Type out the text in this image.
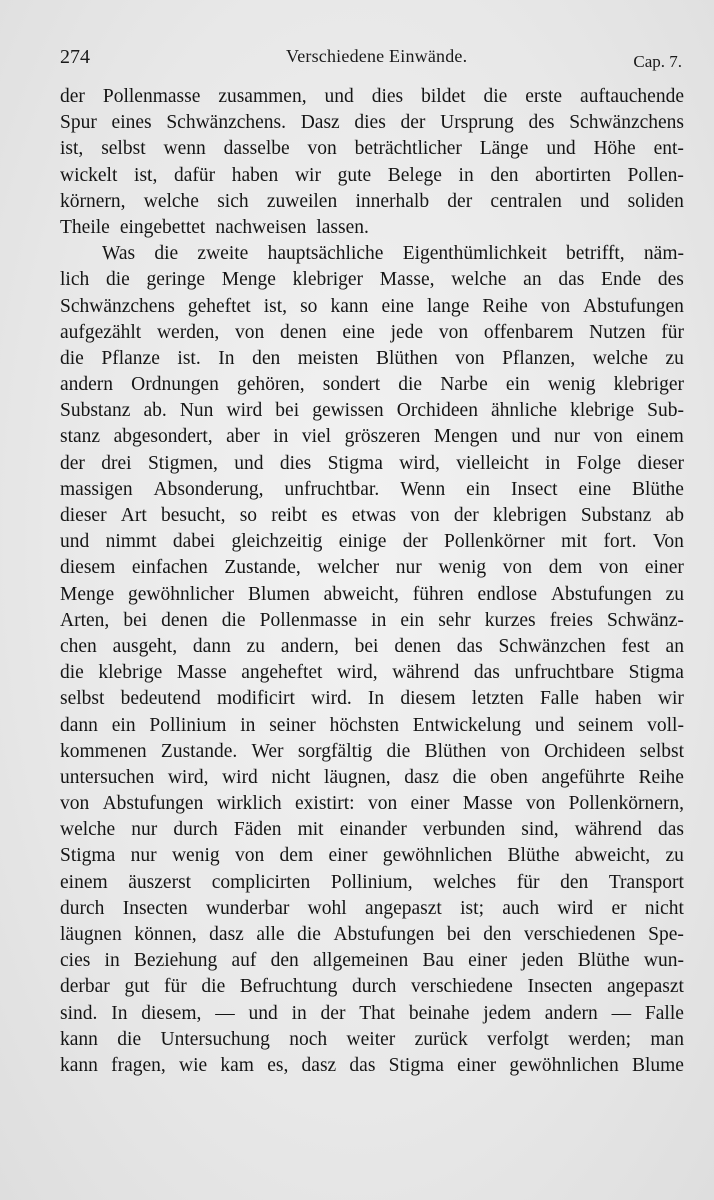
274	Verschiedene Einwände.	Cap. 7.
der Pollenmasse zusammen, und dies bildet die erste auftauchende
Spur eines Schwänzchens. Dasz dies der Ursprung des Schwänzchens
ist, selbst wenn dasselbe von beträchtlicher Länge und Höhe ent-
wickelt ist, dafür haben wir gute Belege in den abortirten Pollen-
körnern, welche sich zuweilen innerhalb der centralen und soliden
Theile eingebettet nachweisen lassen.
Was die zweite hauptsächliche Eigenthümlichkeit betrifft, näm-
lich die geringe Menge klebriger Masse, welche an das Ende des
Schwänzchens geheftet ist, so kann eine lange Reihe von Abstufungen
aufgezählt werden, von denen eine jede von offenbarem Nutzen für
die Pflanze ist. In den meisten Blüthen von Pflanzen, welche zu
andern Ordnungen gehören, sondert die Narbe ein wenig klebriger
Substanz ab. Nun wird bei gewissen Orchideen ähnliche klebrige Sub-
stanz abgesondert, aber in viel gröszeren Mengen und nur von einem
der drei Stigmen, und dies Stigma wird, vielleicht in Folge dieser
massigen Absonderung, unfruchtbar. Wenn ein Insect eine Blüthe
dieser Art besucht, so reibt es etwas von der klebrigen Substanz ab
und nimmt dabei gleichzeitig einige der Pollenkörner mit fort. Von
diesem einfachen Zustande, welcher nur wenig von dem von einer
Menge gewöhnlicher Blumen abweicht, führen endlose Abstufungen zu
Arten, bei denen die Pollenmasse in ein sehr kurzes freies Schwänz-
chen ausgeht, dann zu andern, bei denen das Schwänzchen fest an
die klebrige Masse angeheftet wird, während das unfruchtbare Stigma
selbst bedeutend modificirt wird. In diesem letzten Falle haben wir
dann ein Pollinium in seiner höchsten Entwickelung und seinem voll-
kommenen Zustande. Wer sorgfältig die Blüthen von Orchideen selbst
untersuchen wird, wird nicht läugnen, dasz die oben angeführte Reihe
von Abstufungen wirklich existirt: von einer Masse von Pollenkörnern,
welche nur durch Fäden mit einander verbunden sind, während das
Stigma nur wenig von dem einer gewöhnlichen Blüthe abweicht, zu
einem äuszerst complicirten Pollinium, welches für den Transport
durch Insecten wunderbar wohl angepaszt ist; auch wird er nicht
läugnen können, dasz alle die Abstufungen bei den verschiedenen Spe-
cies in Beziehung auf den allgemeinen Bau einer jeden Blüthe wun-
derbar gut für die Befruchtung durch verschiedene Insecten angepaszt
sind. In diesem, — und in der That beinahe jedem andern — Falle
kann die Untersuchung noch weiter zurück verfolgt werden; man
kann fragen, wie kam es, dasz das Stigma einer gewöhnlichen Blume
